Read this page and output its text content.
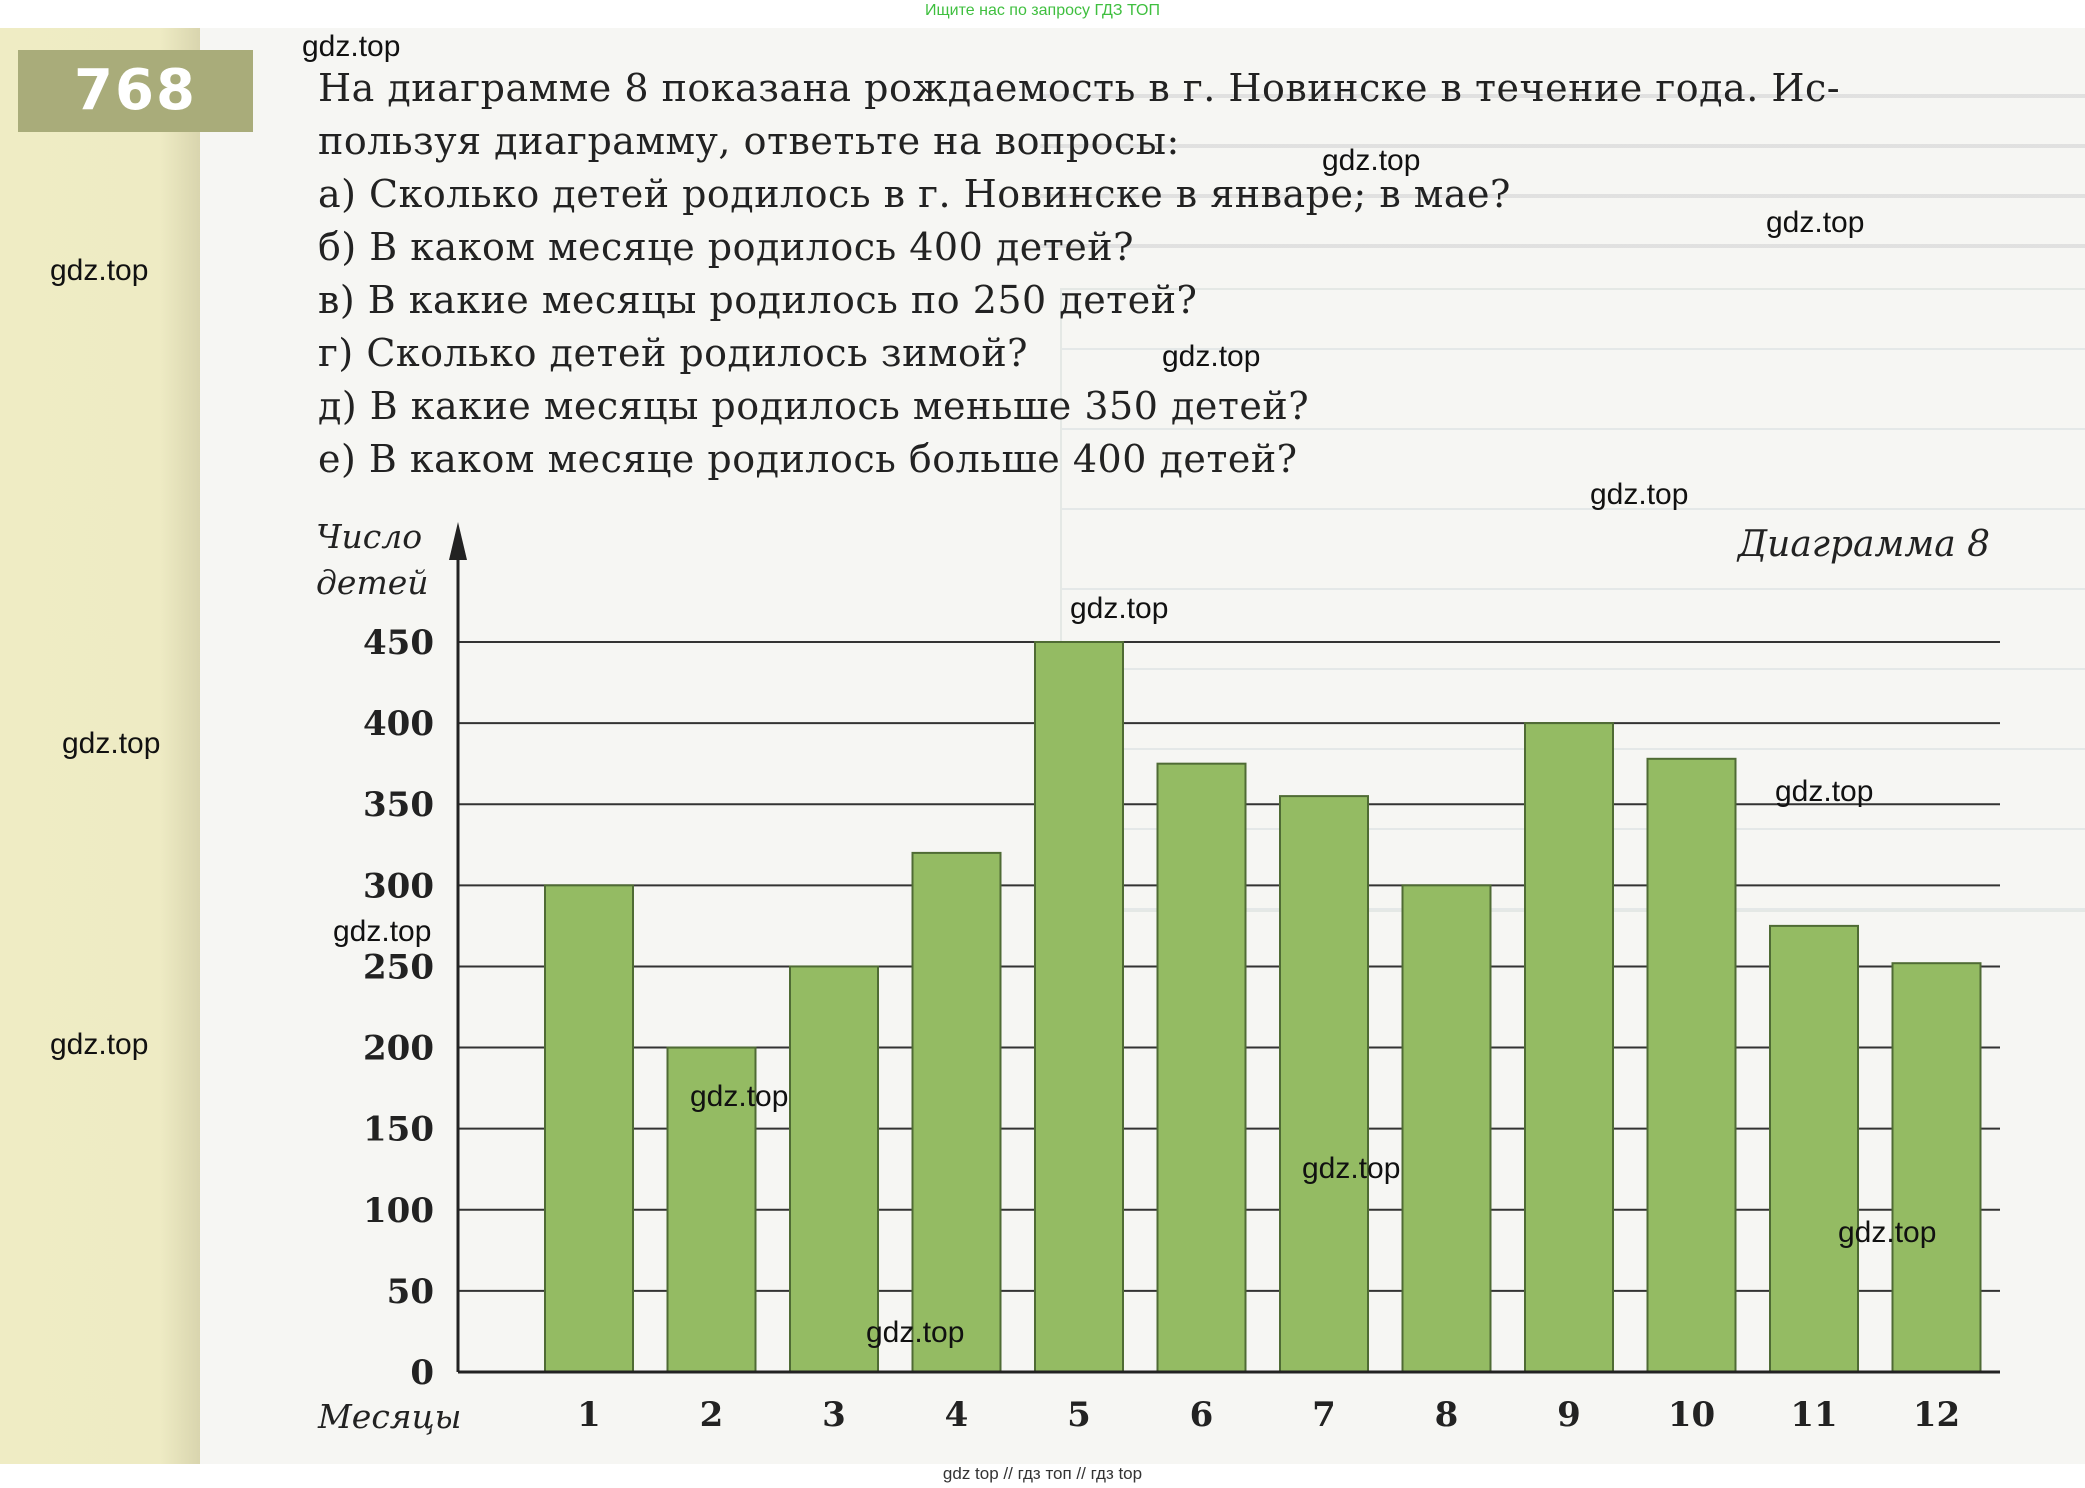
Ищите нас по запросу ГДЗ ТОП
768	На диаграмме 8 показана рождаемость в г. Новинске в течение года. Ис-
пользуя диаграмму, ответьте на вопросы:
а) Сколько детей родилось в г. Новинске в январе; в мае?
б) В каком месяце родилось 400 детей?
в) В какие месяцы родилось по 250 детей?
г) Сколько детей родилось зимой?
д) В какие месяцы родилось меньше 350 детей?
е) В каком месяце родилось больше 400 детей?
0
50
100
150
200
250
300
350
400
450
1	2	3	4	5	6	7	8	9	10 11 12
Число
детей
Месяцы
Диаграмма 8
gdz.top
gdz.top
gdz.top
gdz.top
gdz.top
gdz.top
gdz.top
gdz.top
gdz.top
gdz.top
gdz.top
gdz.top
gdz.top
gdz.top
gdz.top
gdz top // гдз топ // гдз top
